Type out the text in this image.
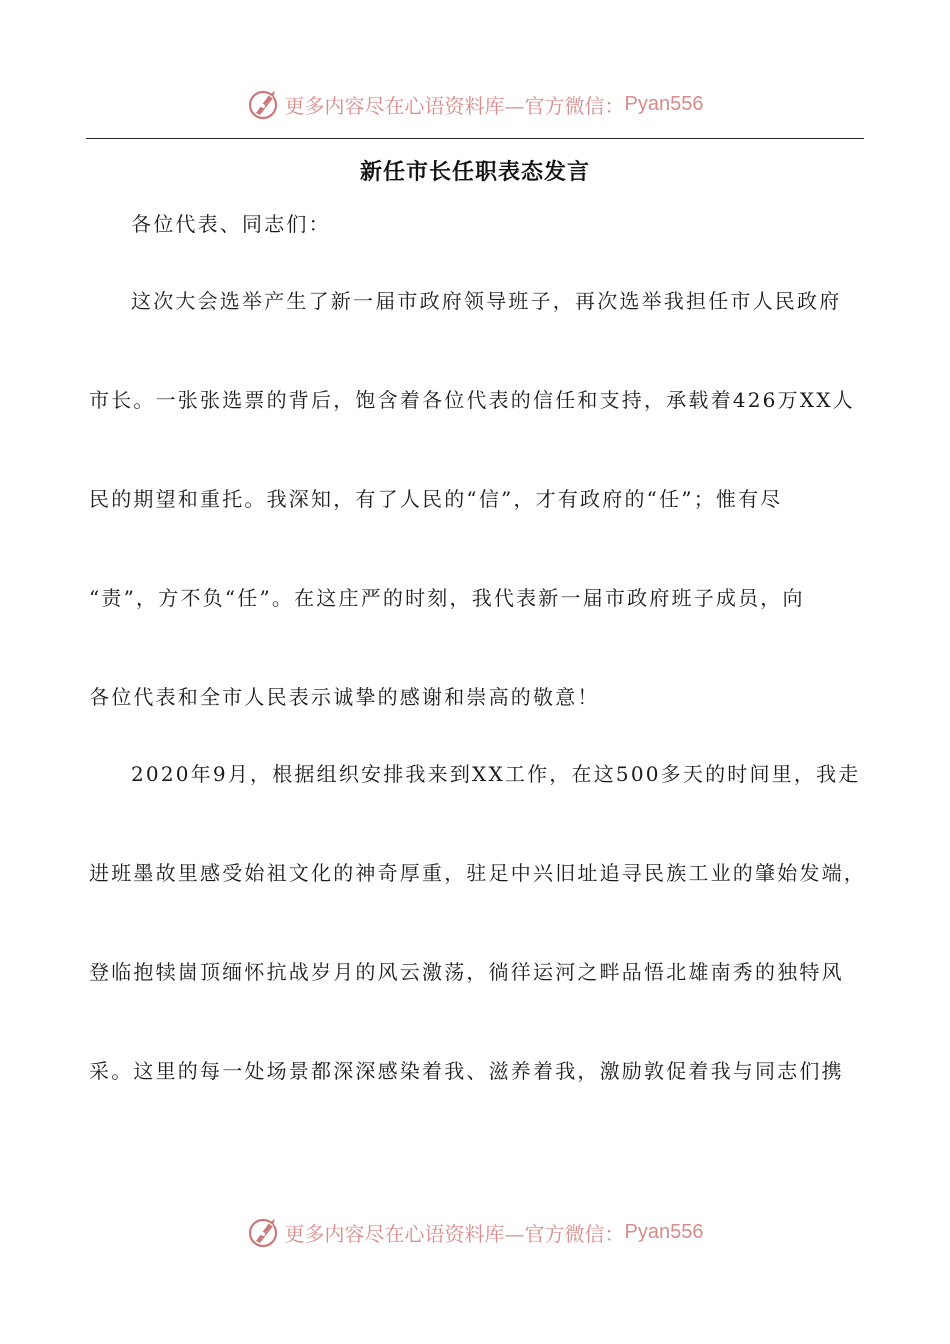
更多内容尽在心语资料库—官方微信： Pyan556
新任市长任职表态发言
各位代表、同志们：
这次大会选举产生了新一届市政府领导班子，再次选举我担任市人民政府
市长。一张张选票的背后，饱含着各位代表的信任和支持，承载着426万XX人
民的期望和重托。我深知，有了人民的“信”，才有政府的“任”；惟有尽
“责”，方不负“任”。在这庄严的时刻，我代表新一届市政府班子成员，向
各位代表和全市人民表示诚挚的感谢和崇高的敬意！
2020年9月，根据组织安排我来到XX工作，在这500多天的时间里，我走
进班墨故里感受始祖文化的神奇厚重，驻足中兴旧址追寻民族工业的肇始发端，
登临抱犊崮顶缅怀抗战岁月的风云激荡，徜徉运河之畔品悟北雄南秀的独特风
采。这里的每一处场景都深深感染着我、滋养着我，激励敦促着我与同志们携
更多内容尽在心语资料库—官方微信： Pyan556
